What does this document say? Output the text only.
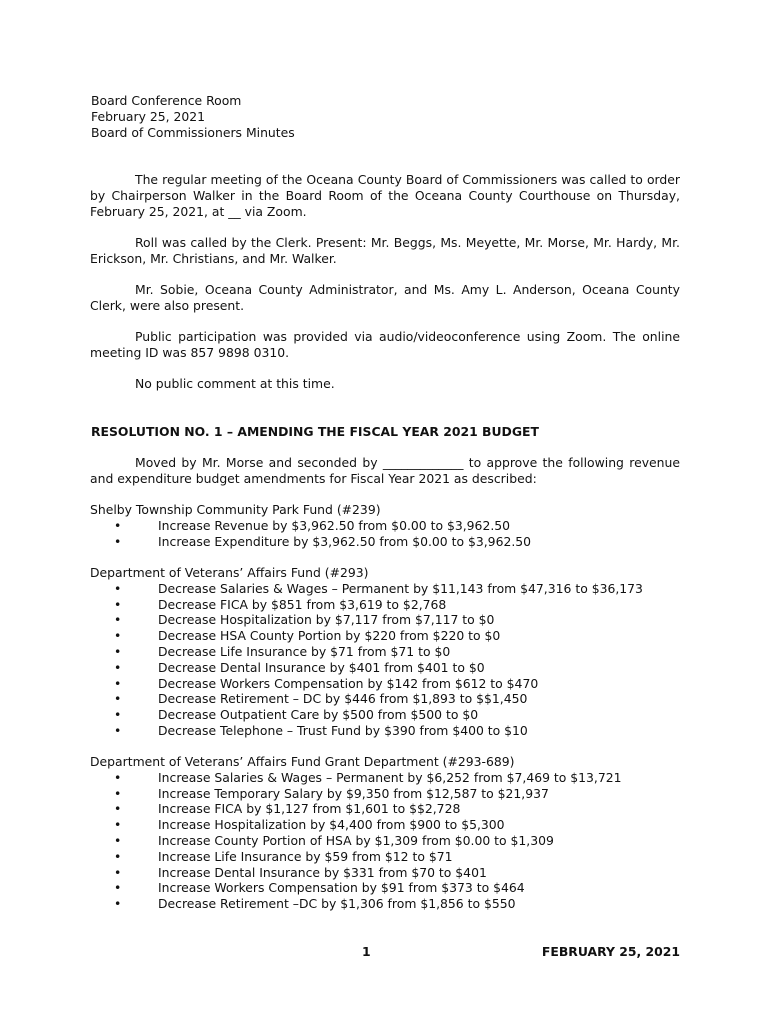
Board Conference Room
February 25, 2021
Board of Commissioners Minutes
The regular meeting of the Oceana County Board of Commissioners was called to order by Chairperson Walker in the Board Room of the Oceana County Courthouse on Thursday, February 25, 2021, at __ via Zoom.
Roll was called by the Clerk. Present: Mr. Beggs, Ms. Meyette, Mr. Morse, Mr. Hardy, Mr. Erickson, Mr. Christians, and Mr. Walker.
Mr. Sobie, Oceana County Administrator, and Ms. Amy L. Anderson, Oceana County Clerk, were also present.
Public participation was provided via audio/videoconference using Zoom. The online meeting ID was 857 9898 0310.
No public comment at this time.
RESOLUTION NO. 1 – AMENDING THE FISCAL YEAR 2021 BUDGET
Moved by Mr. Morse and seconded by _____________ to approve the following revenue and expenditure budget amendments for Fiscal Year 2021 as described:
Shelby Township Community Park Fund (#239)
•	Increase Revenue by $3,962.50 from $0.00 to $3,962.50
•	Increase Expenditure by $3,962.50 from $0.00 to $3,962.50
Department of Veterans’ Affairs Fund (#293)
•	Decrease Salaries & Wages – Permanent by $11,143 from $47,316 to $36,173
•	Decrease FICA by $851 from $3,619 to $2,768
•	Decrease Hospitalization by $7,117 from $7,117 to $0
•	Decrease HSA County Portion by $220 from $220 to $0
•	Decrease Life Insurance by $71 from $71 to $0
•	Decrease Dental Insurance by $401 from $401 to $0
•	Decrease Workers Compensation by $142 from $612 to $470
•	Decrease Retirement – DC by $446 from $1,893 to $$1,450
•	Decrease Outpatient Care by $500 from $500 to $0
•	Decrease Telephone – Trust Fund by $390 from $400 to $10
Department of Veterans’ Affairs Fund Grant Department (#293-689)
•	Increase Salaries & Wages – Permanent by $6,252 from $7,469 to $13,721
•	Increase Temporary Salary by $9,350 from $12,587 to $21,937
•	Increase FICA by $1,127 from $1,601 to $$2,728
•	Increase Hospitalization by $4,400 from $900 to $5,300
•	Increase County Portion of HSA by $1,309 from $0.00 to $1,309
•	Increase Life Insurance by $59 from $12 to $71
•	Increase Dental Insurance by $331 from $70 to $401
•	Increase Workers Compensation by $91 from $373 to $464
•	Decrease Retirement –DC by $1,306 from $1,856 to $550
1	FEBRUARY 25, 2021
